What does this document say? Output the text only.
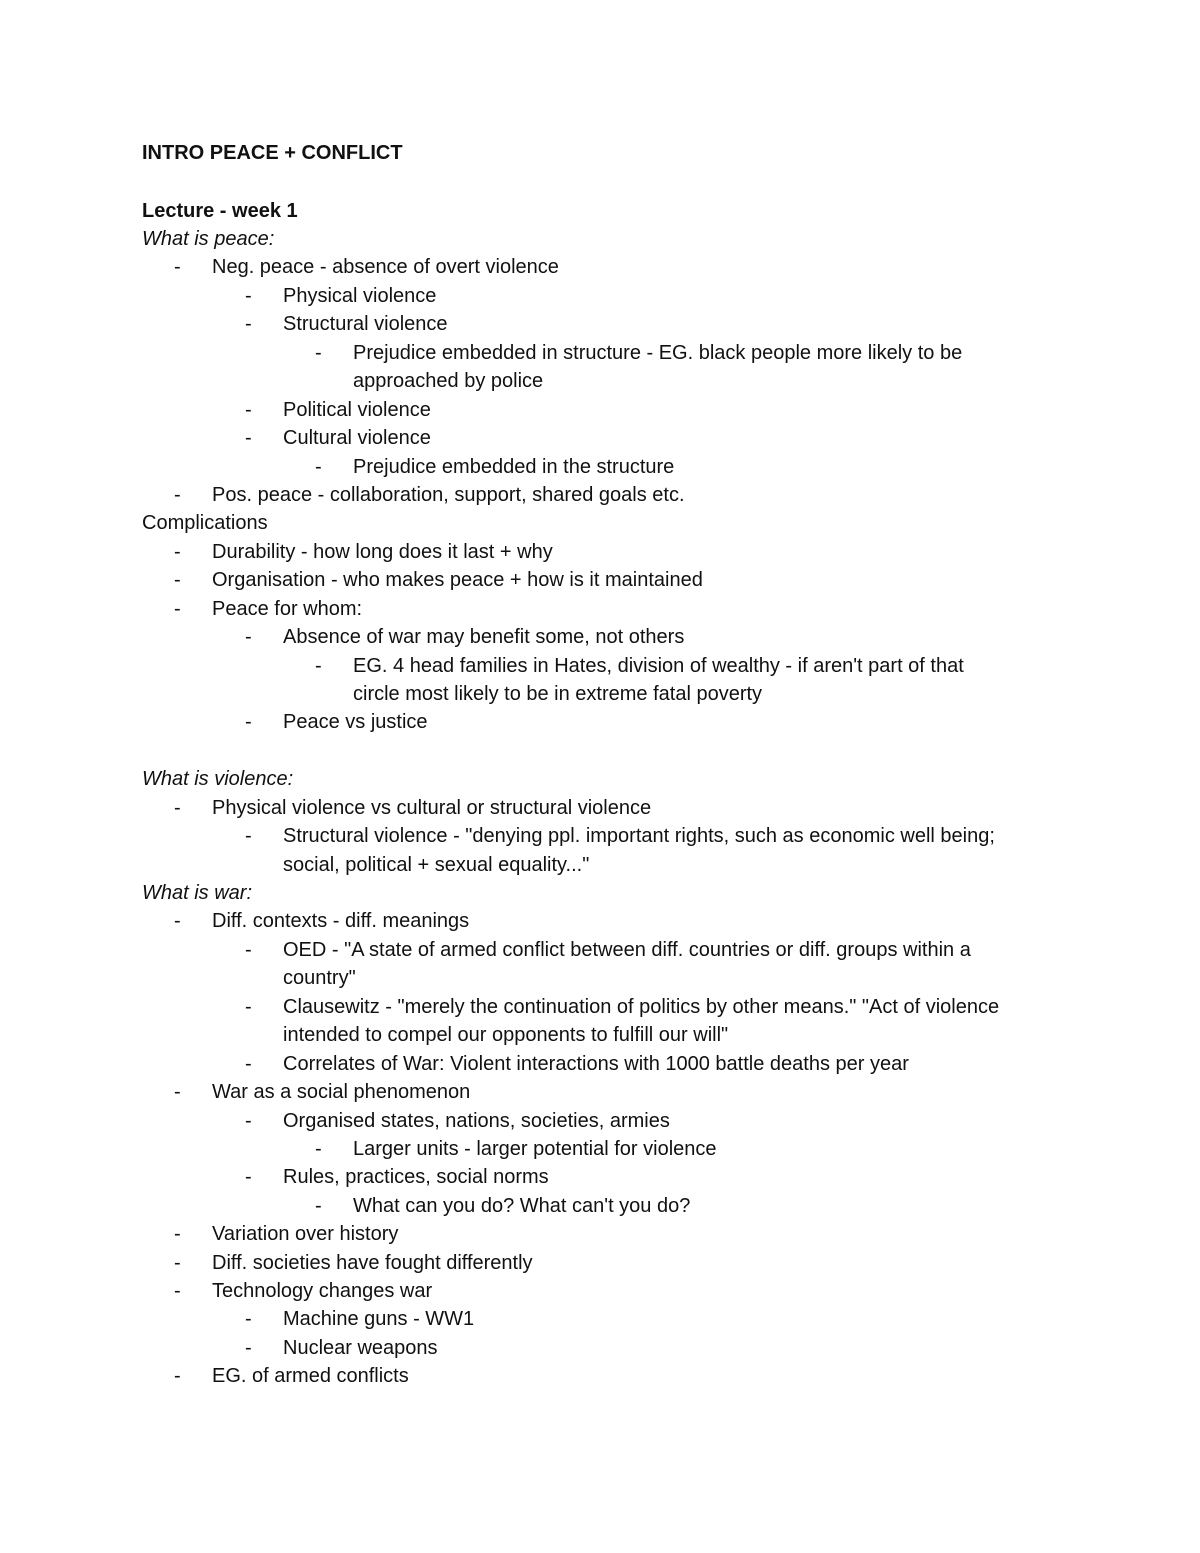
INTRO PEACE + CONFLICT
Lecture - week 1
What is peace:
-	Neg. peace - absence of overt violence
-	Physical violence
-	Structural violence
-	Prejudice embedded in structure - EG. black people more likely to be
approached by police
-	Political violence
-	Cultural violence
-	Prejudice embedded in the structure
-	Pos. peace - collaboration, support, shared goals etc.
Complications
-	Durability - how long does it last + why
-	Organisation - who makes peace + how is it maintained
-	Peace for whom:
-	Absence of war may benefit some, not others
-	EG. 4 head families in Hates, division of wealthy - if aren't part of that
circle most likely to be in extreme fatal poverty
-	Peace vs justice
What is violence:
-	Physical violence vs cultural or structural violence
-	Structural violence - "denying ppl. important rights, such as economic well being;
social, political + sexual equality..."
What is war:
-	Diff. contexts - diff. meanings
-	OED - "A state of armed conflict between diff. countries or diff. groups within a
country"
-	Clausewitz - "merely the continuation of politics by other means." "Act of violence
intended to compel our opponents to fulfill our will"
-	Correlates of War: Violent interactions with 1000 battle deaths per year
-	War as a social phenomenon
-	Organised states, nations, societies, armies
-	Larger units - larger potential for violence
-	Rules, practices, social norms
-	What can you do? What can't you do?
-	Variation over history
-	Diff. societies have fought differently
-	Technology changes war
-	Machine guns - WW1
-	Nuclear weapons
-	EG. of armed conflicts
